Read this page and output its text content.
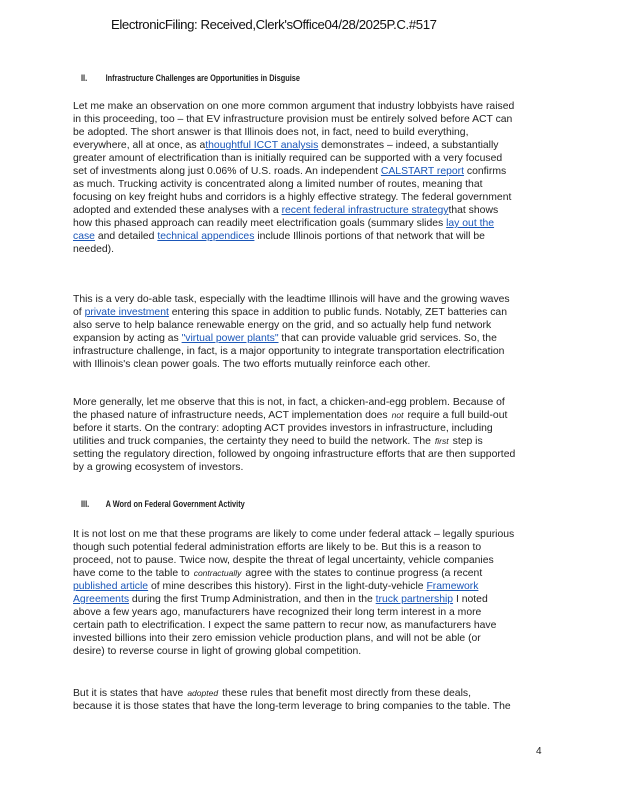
ElectronicFiling: Received,Clerk'sOffice04/28/2025P.C.#517
II. Infrastructure Challenges are Opportunities in Disguise
Let me make an observation on one more common argument that industry lobbyists have raised
in this proceeding, too – that EV infrastructure provision must be entirely solved before ACT can
be adopted. The short answer is that Illinois does not, in fact, need to build everything,
everywhere, all at once, as athoughtful ICCT analysis demonstrates – indeed, a substantially
greater amount of electrification than is initially required can be supported with a very focused
set of investments along just 0.06% of U.S. roads. An independent CALSTART report confirms
as much. Trucking activity is concentrated along a limited number of routes, meaning that
focusing on key freight hubs and corridors is a highly effective strategy. The federal government
adopted and extended these analyses with a recent federal infrastructure strategythat shows
how this phased approach can readily meet electrification goals (summary slides lay out the
case and detailed technical appendices include Illinois portions of that network that will be
needed).
This is a very do-able task, especially with the leadtime Illinois will have and the growing waves
of private investment entering this space in addition to public funds. Notably, ZET batteries can
also serve to help balance renewable energy on the grid, and so actually help fund network
expansion by acting as "virtual power plants" that can provide valuable grid services. So, the
infrastructure challenge, in fact, is a major opportunity to integrate transportation electrification
with Illinois's clean power goals. The two efforts mutually reinforce each other.
More generally, let me observe that this is not, in fact, a chicken-and-egg problem. Because of
the phased nature of infrastructure needs, ACT implementation does not require a full build-out
before it starts. On the contrary: adopting ACT provides investors in infrastructure, including
utilities and truck companies, the certainty they need to build the network. The first step is
setting the regulatory direction, followed by ongoing infrastructure efforts that are then supported
by a growing ecosystem of investors.
III. A Word on Federal Government Activity
It is not lost on me that these programs are likely to come under federal attack – legally spurious
though such potential federal administration efforts are likely to be. But this is a reason to
proceed, not to pause. Twice now, despite the threat of legal uncertainty, vehicle companies
have come to the table to contractually agree with the states to continue progress (a recent
published article of mine describes this history). First in the light-duty-vehicle Framework
Agreements during the first Trump Administration, and then in the truck partnership I noted
above a few years ago, manufacturers have recognized their long term interest in a more
certain path to electrification. I expect the same pattern to recur now, as manufacturers have
invested billions into their zero emission vehicle production plans, and will not be able (or
desire) to reverse course in light of growing global competition.
But it is states that have adopted these rules that benefit most directly from these deals,
because it is those states that have the long-term leverage to bring companies to the table. The
4
